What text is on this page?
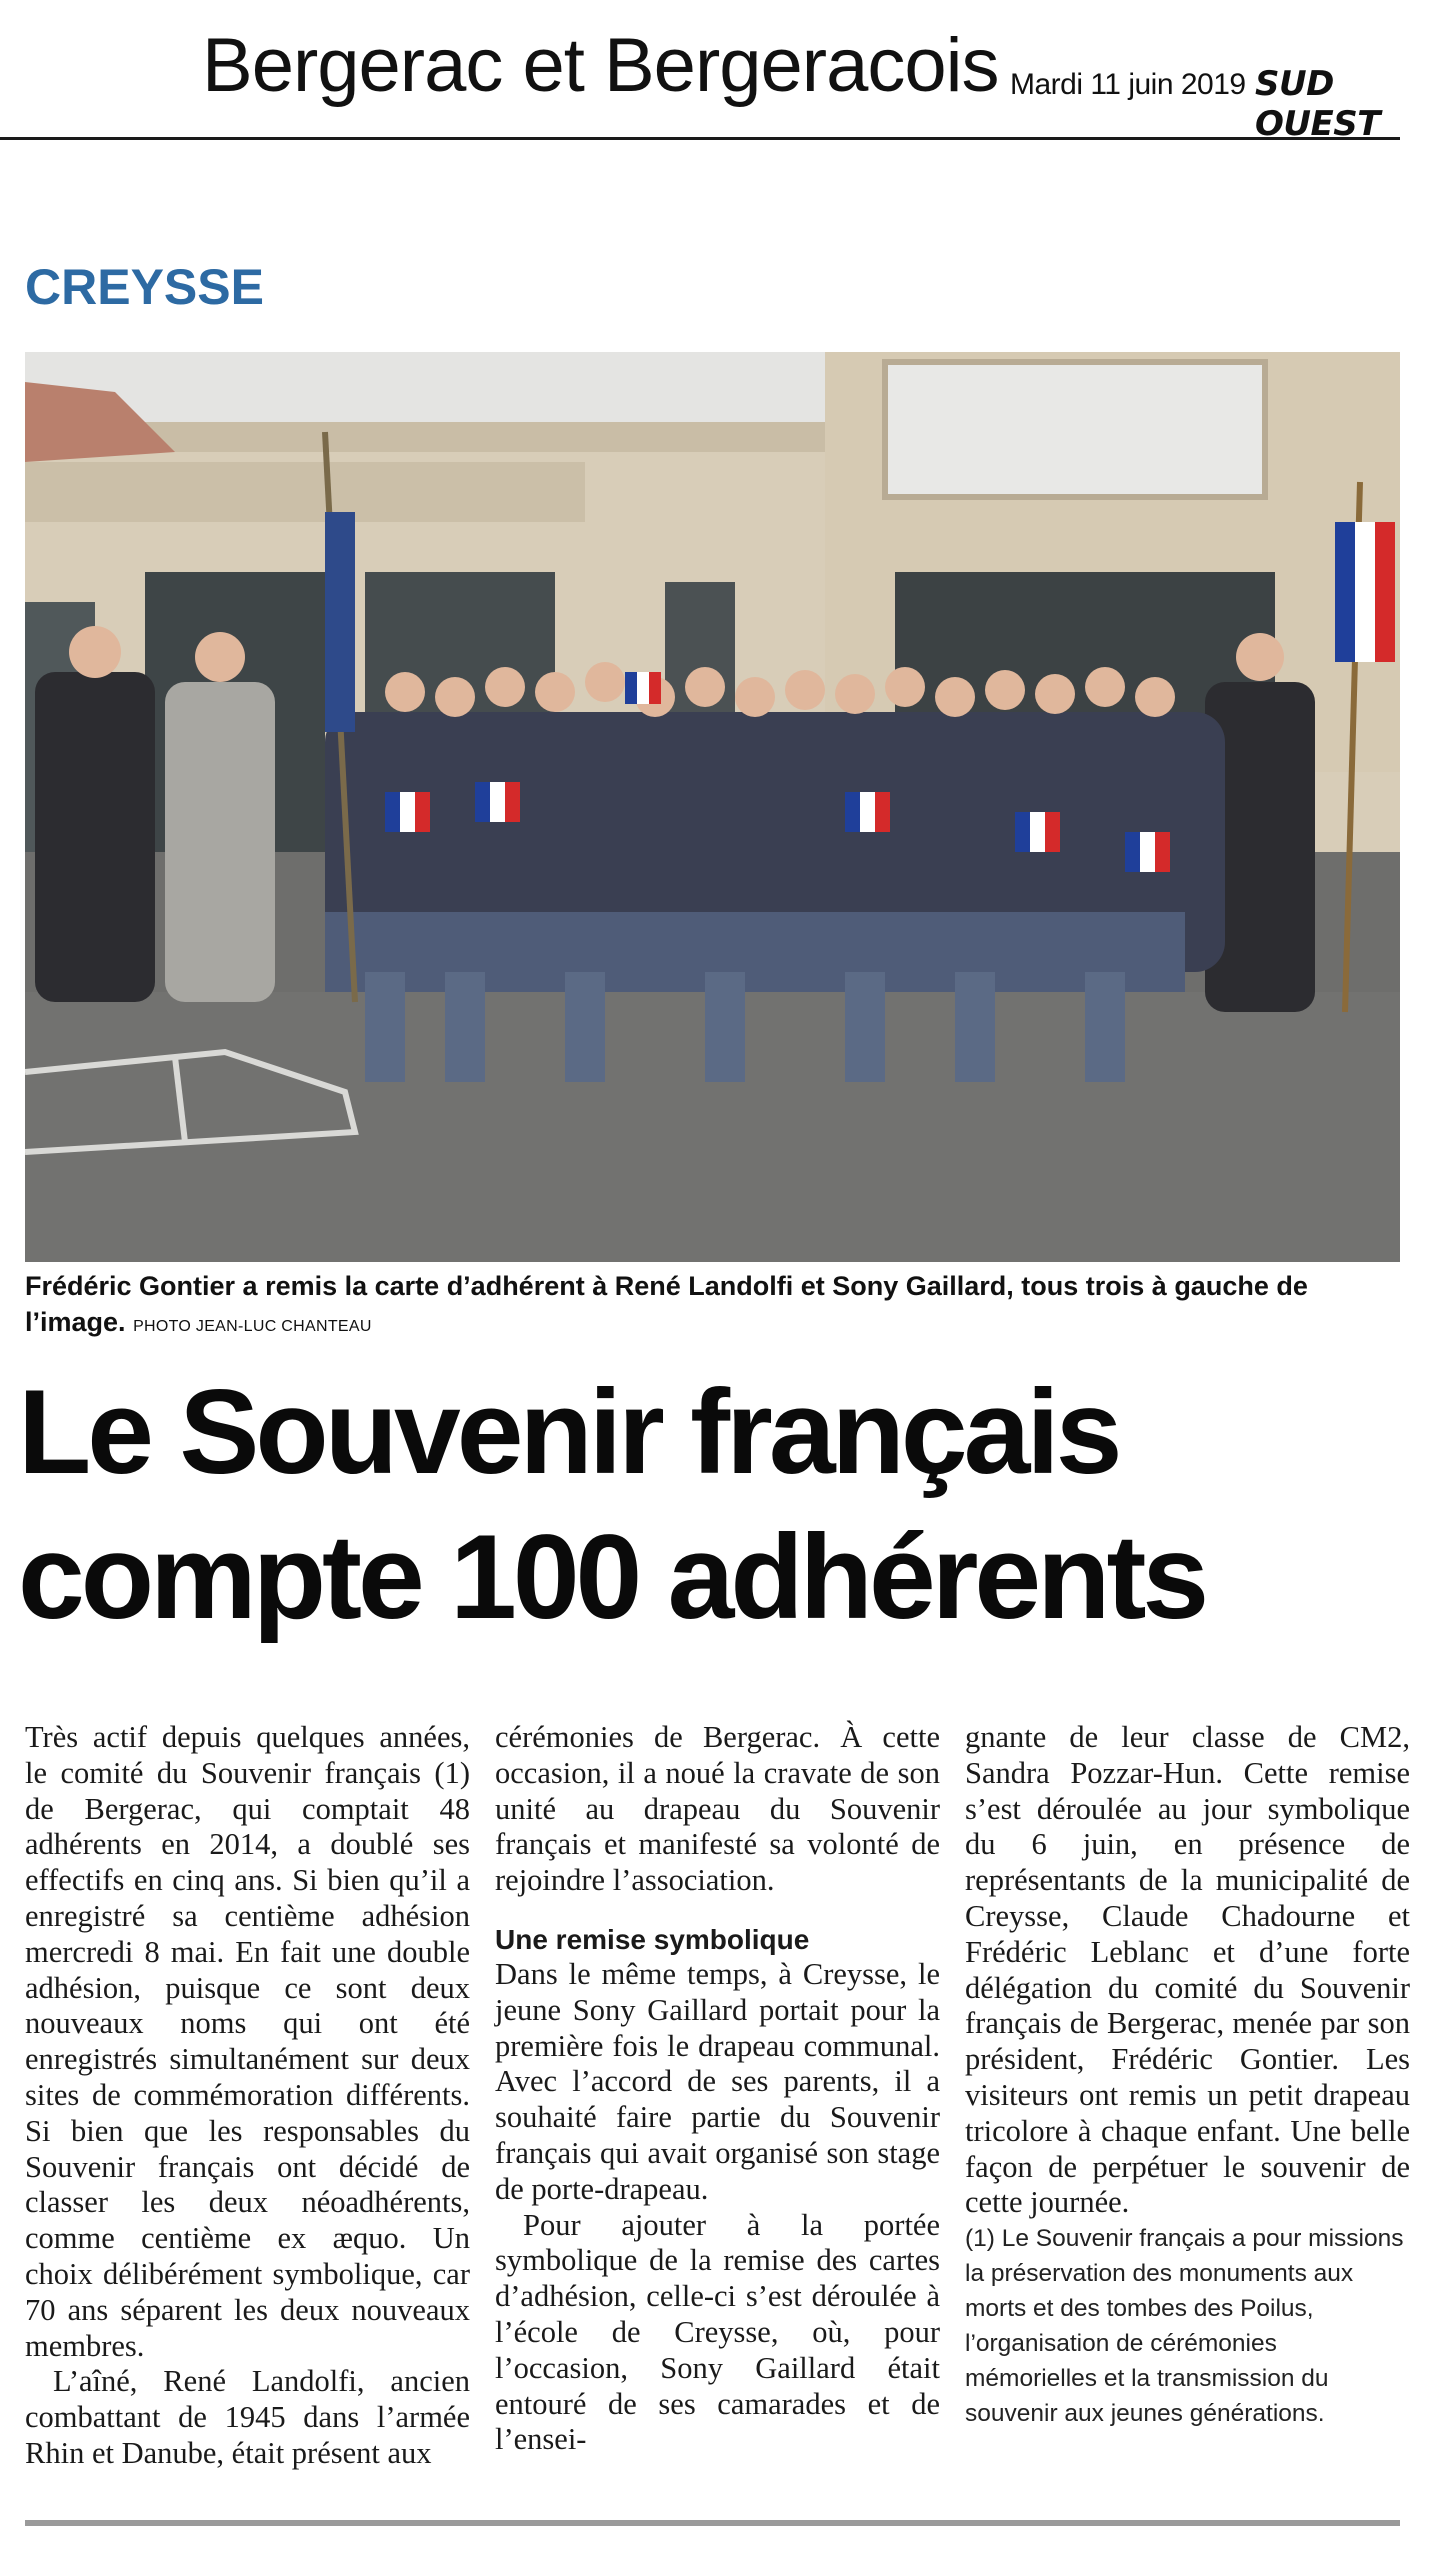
Bergerac et Bergeracois Mardi 11 juin 2019 SUD OUEST
CREYSSE
Frédéric Gontier a remis la carte d’adhérent à René Landolfi et Sony Gaillard, tous trois à gauche de l’image. PHOTO JEAN-LUC CHANTEAU
Le Souvenir français
compte 100 adhérents

Très actif depuis quelques années, le comité du Souvenir français (1) de Bergerac, qui comptait 48 adhérents en 2014, a doublé ses effectifs en cinq ans. Si bien qu’il a enregistré sa centième adhésion mercredi 8 mai. En fait une double adhésion, puisque ce sont deux nouveaux noms qui ont été enregistrés simultanément sur deux sites de commémoration différents. Si bien que les responsables du Souvenir français ont décidé de classer les deux néoadhérents, comme centième ex æquo. Un choix délibérément symbolique, car 70 ans séparent les deux nouveaux membres.

L’aîné, René Landolfi, ancien combattant de 1945 dans l’armée Rhin et Danube, était présent aux

cérémonies de Bergerac. À cette occasion, il a noué la cravate de son unité au drapeau du Souvenir français et manifesté sa volonté de rejoindre l’association.

Une remise symbolique

Dans le même temps, à Creysse, le jeune Sony Gaillard portait pour la première fois le drapeau communal. Avec l’accord de ses parents, il a souhaité faire partie du Souvenir français qui avait organisé son stage de porte-drapeau.

Pour ajouter à la portée symbolique de la remise des cartes d’adhésion, celle-ci s’est déroulée à l’école de Creysse, où, pour l’occasion, Sony Gaillard était entouré de ses camarades et de l’ensei-

gnante de leur classe de CM2, Sandra Pozzar-Hun. Cette remise s’est déroulée au jour symbolique du 6 juin, en présence de représentants de la municipalité de Creysse, Claude Chadourne et Frédéric Leblanc et d’une forte délégation du comité du Souvenir français de Bergerac, menée par son président, Frédéric Gontier. Les visiteurs ont remis un petit drapeau tricolore à chaque enfant. Une belle façon de perpétuer le souvenir de cette journée.

(1) Le Souvenir français a pour missions la préservation des monuments aux morts et des tombes des Poilus, l’organisation de cérémonies mémorielles et la transmission du souvenir aux jeunes générations.
